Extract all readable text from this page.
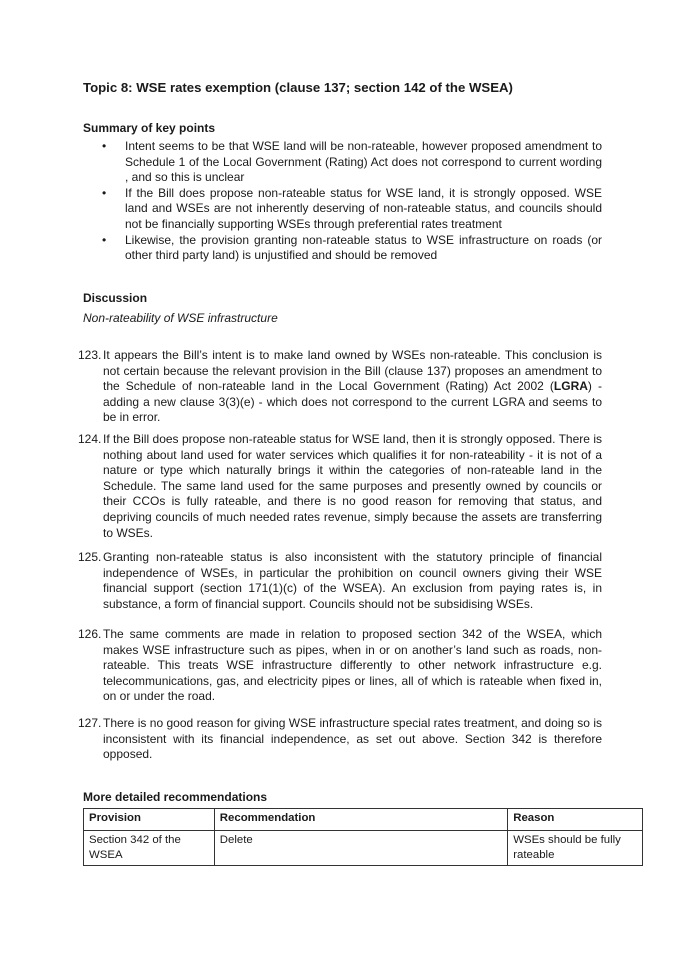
Topic 8: WSE rates exemption (clause 137; section 142 of the WSEA)
Summary of key points
• Intent seems to be that WSE land will be non-rateable, however proposed amendment to Schedule 1 of the Local Government (Rating) Act does not correspond to current wording , and so this is unclear
• If the Bill does propose non-rateable status for WSE land, it is strongly opposed. WSE land and WSEs are not inherently deserving of non-rateable status, and councils should not be financially supporting WSEs through preferential rates treatment
• Likewise, the provision granting non-rateable status to WSE infrastructure on roads (or other third party land) is unjustified and should be removed
Discussion
Non-rateability of WSE infrastructure
123. It appears the Bill’s intent is to make land owned by WSEs non-rateable. This conclusion is not certain because the relevant provision in the Bill (clause 137) proposes an amendment to the Schedule of non-rateable land in the Local Government (Rating) Act 2002 (LGRA) - adding a new clause 3(3)(e) - which does not correspond to the current LGRA and seems to be in error.
124. If the Bill does propose non-rateable status for WSE land, then it is strongly opposed. There is nothing about land used for water services which qualifies it for non-rateability - it is not of a nature or type which naturally brings it within the categories of non-rateable land in the Schedule. The same land used for the same purposes and presently owned by councils or their CCOs is fully rateable, and there is no good reason for removing that status, and depriving councils of much needed rates revenue, simply because the assets are transferring to WSEs.
125. Granting non-rateable status is also inconsistent with the statutory principle of financial independence of WSEs, in particular the prohibition on council owners giving their WSE financial support (section 171(1)(c) of the WSEA). An exclusion from paying rates is, in substance, a form of financial support. Councils should not be subsidising WSEs.
126. The same comments are made in relation to proposed section 342 of the WSEA, which makes WSE infrastructure such as pipes, when in or on another’s land such as roads, non-rateable. This treats WSE infrastructure differently to other network infrastructure e.g. telecommunications, gas, and electricity pipes or lines, all of which is rateable when fixed in, on or under the road.
127. There is no good reason for giving WSE infrastructure special rates treatment, and doing so is inconsistent with its financial independence, as set out above. Section 342 is therefore opposed.
More detailed recommendations
Provision	Recommendation	Reason
Section 342 of the WSEA	Delete	WSEs should be fully rateable
